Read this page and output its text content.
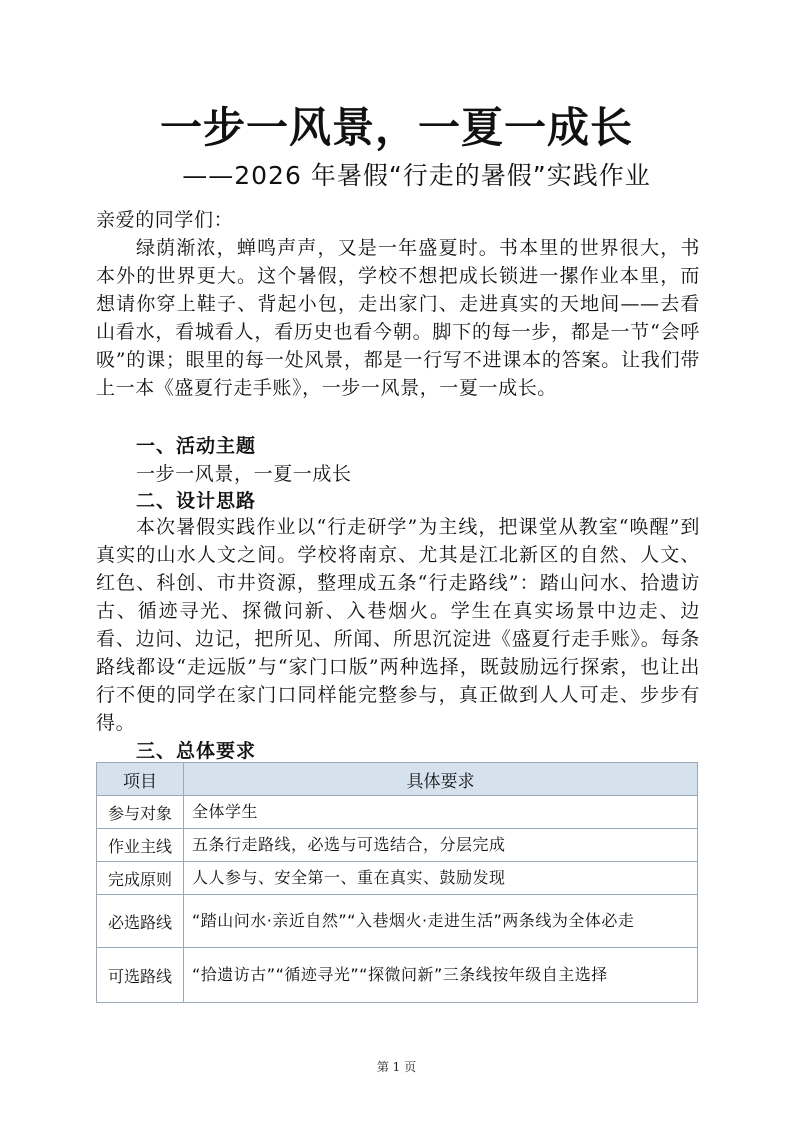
一步一风景，一夏一成长
——2026 年暑假“行走的暑假”实践作业
亲爱的同学们：
绿荫渐浓，蝉鸣声声，又是一年盛夏时。书本里的世界很大，书本外的世界更大。这个暑假，学校不想把成长锁进一摞作业本里，而想请你穿上鞋子、背起小包，走出家门、走进真实的天地间——去看山看水，看城看人，看历史也看今朝。脚下的每一步，都是一节“会呼吸”的课；眼里的每一处风景，都是一行写不进课本的答案。让我们带上一本《盛夏行走手账》，一步一风景，一夏一成长。
一、活动主题
一步一风景，一夏一成长
二、设计思路
本次暑假实践作业以“行走研学”为主线，把课堂从教室“唤醒”到真实的山水人文之间。学校将南京、尤其是江北新区的自然、人文、红色、科创、市井资源，整理成五条“行走路线”：踏山问水、拾遗访古、循迹寻光、探微问新、入巷烟火。学生在真实场景中边走、边看、边问、边记，把所见、所闻、所思沉淀进《盛夏行走手账》。每条路线都设“走远版”与“家门口版”两种选择，既鼓励远行探索，也让出行不便的同学在家门口同样能完整参与，真正做到人人可走、步步有得。
三、总体要求
项目	具体要求
参与对象	全体学生
作业主线	五条行走路线，必选与可选结合，分层完成
完成原则	人人参与、安全第一、重在真实、鼓励发现
必选路线	“踏山问水·亲近自然”“入巷烟火·走进生活”两条线为全体必走
可选路线	“拾遗访古”“循迹寻光”“探微问新”三条线按年级自主选择
第 1 页
